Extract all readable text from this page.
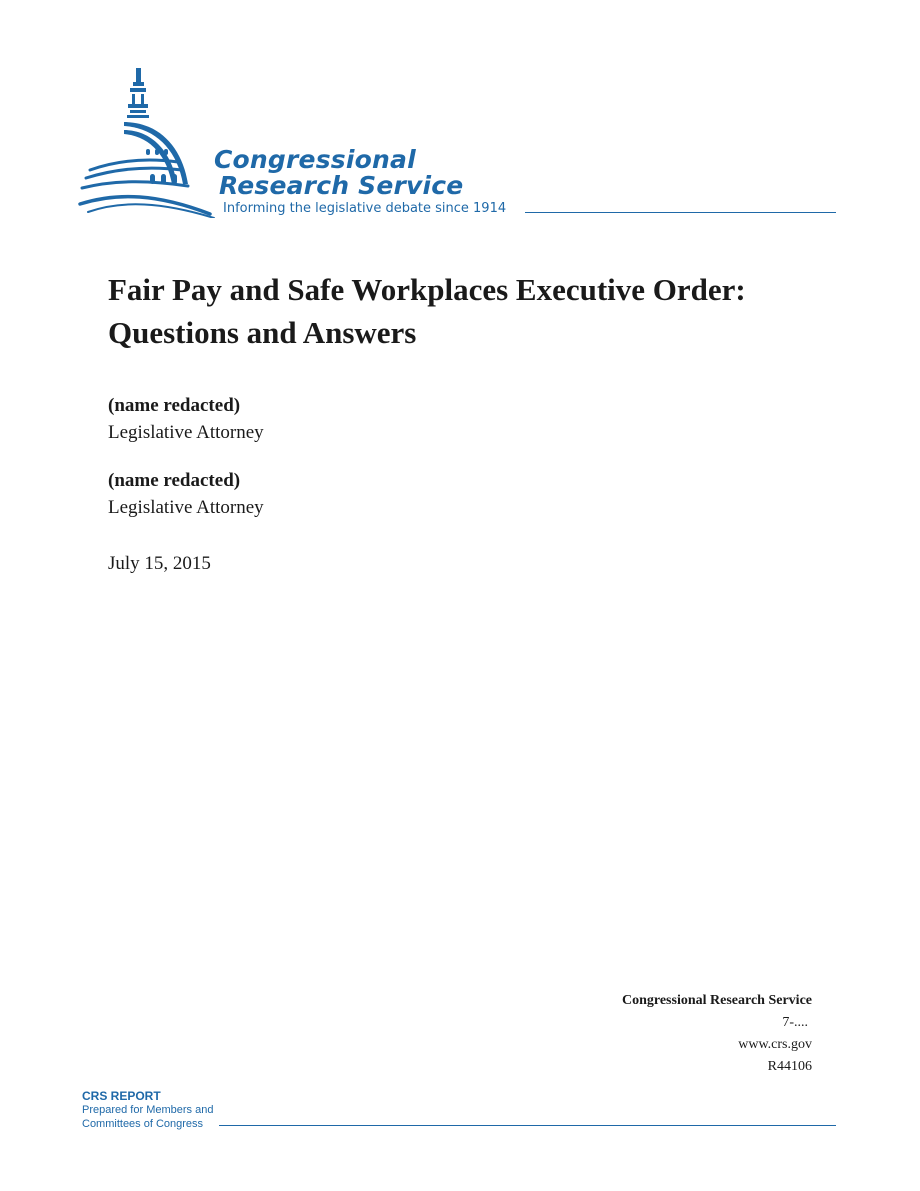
Congressional
Research Service
Informing the legislative debate since 1914
Fair Pay and Safe Workplaces Executive Order: Questions and Answers
(name redacted)
Legislative Attorney
(name redacted)
Legislative Attorney
July 15, 2015
Congressional Research Service
7-....
www.crs.gov
R44106
CRS REPORT
Prepared for Members and
Committees of Congress
